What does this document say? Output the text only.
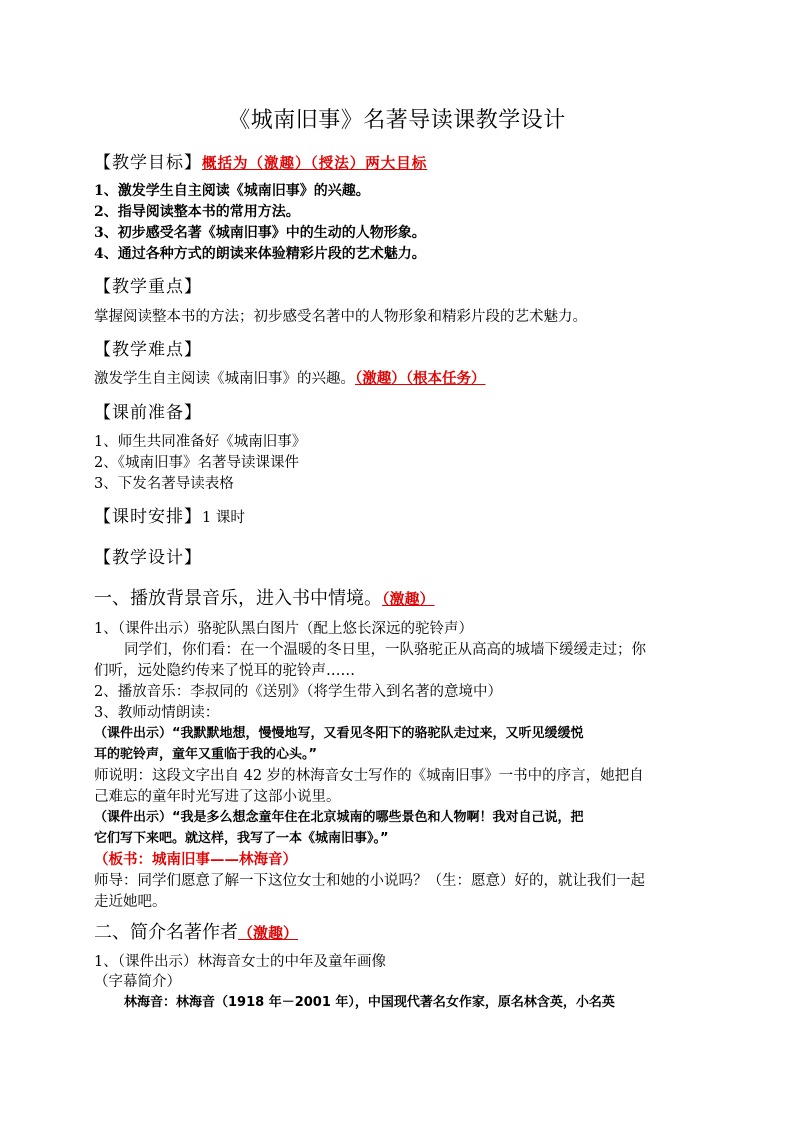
《城南旧事》名著导读课教学设计
【教学目标】概括为（激趣）（授法）两大目标
1、激发学生自主阅读《城南旧事》的兴趣。
2、指导阅读整本书的常用方法。
3、初步感受名著《城南旧事》中的生动的人物形象。
4、通过各种方式的朗读来体验精彩片段的艺术魅力。
【教学重点】
掌握阅读整本书的方法；初步感受名著中的人物形象和精彩片段的艺术魅力。
【教学难点】
激发学生自主阅读《城南旧事》的兴趣。（激趣）（根本任务）
【课前准备】
1、师生共同准备好《城南旧事》
2、《城南旧事》名著导读课课件
3、下发名著导读表格
【课时安排】1 课时
【教学设计】
一、播放背景音乐，进入书中情境。（激趣）
1、（课件出示）骆驼队黑白图片（配上悠长深远的驼铃声）
同学们，你们看：在一个温暖的冬日里，一队骆驼正从高高的城墙下缓缓走过；你
们听，远处隐约传来了悦耳的驼铃声……
2、播放音乐：李叔同的《送别》（将学生带入到名著的意境中）
3、教师动情朗读：
（课件出示）“我默默地想，慢慢地写，又看见冬阳下的骆驼队走过来，又听见缓缓悦
耳的驼铃声，童年又重临于我的心头。”
师说明：这段文字出自 42 岁的林海音女士写作的《城南旧事》一书中的序言，她把自
己难忘的童年时光写进了这部小说里。
（课件出示）“我是多么想念童年住在北京城南的哪些景色和人物啊！我对自己说，把
它们写下来吧。就这样，我写了一本《城南旧事》。”
（板书：城南旧事——林海音）
师导：同学们愿意了解一下这位女士和她的小说吗？（生：愿意）好的，就让我们一起
走近她吧。
二、简介名著作者（激趣）
1、（课件出示）林海音女士的中年及童年画像
（字幕简介）
林海音：林海音（1918 年－2001 年），中国现代著名女作家，原名林含英，小名英
